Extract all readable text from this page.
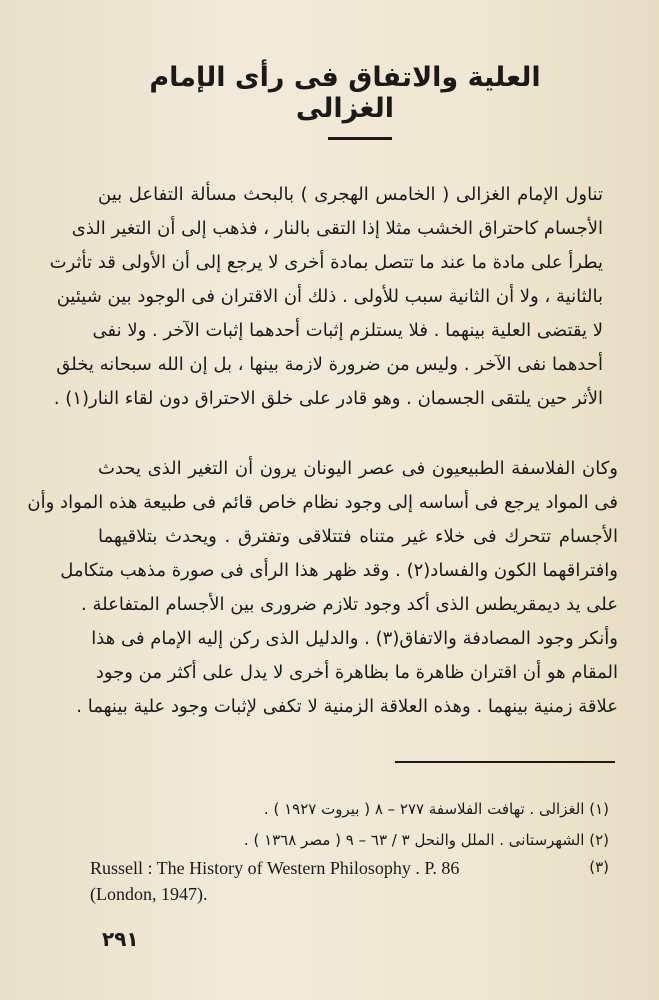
العلية والاتفاق فى رأى الإمام الغزالى
تناول الإمام الغزالى ( الخامس الهجرى ) بالبحث مسألة التفاعل بين
الأجسام كاحتراق الخشب مثلا إذا التقى بالنار ، فذهب إلى أن التغير الذى
يطرأ على مادة ما عند ما تتصل بمادة أخرى لا يرجع إلى أن الأولى قد تأثرت
بالثانية ، ولا أن الثانية سبب للأولى . ذلك أن الاقتران فى الوجود بين شيئين
لا يقتضى العلية بينهما . فلا يستلزم إثبات أحدهما إثبات الآخر . ولا نفى
أحدهما نفى الآخر . وليس من ضرورة لازمة بينها ، بل إن الله سبحانه يخلق
الأثر حين يلتقى الجسمان . وهو قادر على خلق الاحتراق دون لقاء النار(١) .
وكان الفلاسفة الطبيعيون فى عصر اليونان يرون أن التغير الذى يحدث
فى المواد يرجع فى أساسه إلى وجود نظام خاص قائم فى طبيعة هذه المواد وأن
الأجسام تتحرك فى خلاء غير متناه فتتلاقى وتفترق . ويحدث بتلاقيهما
وافتراقهما الكون والفساد(٢) . وقد ظهر هذا الرأى فى صورة مذهب متكامل
على يد ديمقريطس الذى أكد وجود تلازم ضرورى بين الأجسام المتفاعلة .
وأنكر وجود المصادفة والاتفاق(٣) . والدليل الذى ركن إليه الإمام فى هذا
المقام هو أن اقتران ظاهرة ما بظاهرة أخرى لا يدل على أكثر من وجود
علاقة زمنية بينهما . وهذه العلاقة الزمنية لا تكفى لإثبات وجود علية بينهما .
(١) الغزالى . تهافت الفلاسفة ٢٧٧ – ٨ ( بيروت ١٩٢٧ ) .
(٢) الشهرستانى . الملل والنحل ٣ / ٦٣ – ٩ ( مصر ١٣٦٨ ) .
(٣)
Russell : The History of Western Philosophy . P. 86
(London, 1947).
٢٩١
